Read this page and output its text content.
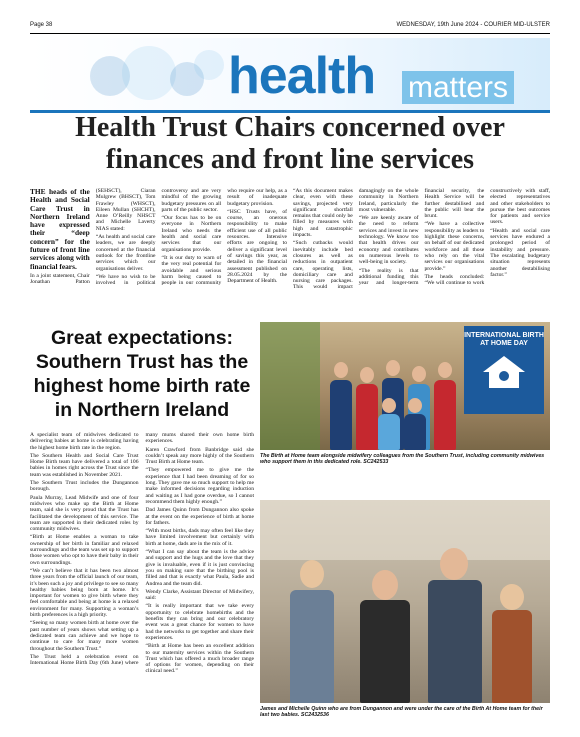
Page 38	WEDNESDAY, 19th June 2024 - COURIER MID-ULSTER
health matters
Health Trust Chairs concerned over finances and front line services

THE heads of the Health and Social Care Trust in Northern Ireland have expressed their “deep concern” for the future of front line services along with financial fears.

In a joint statement, Chair Jonathan Patton (SEHSCT), Ciaran Mulgrew (BHSCT), Tom Frawley (WHSCT), Eileen Mullan (SHCHT), Anne O’Reilly NHSCT and Michelle Laverty NIAS stated:

“As health and social care leaders, we are deeply concerned at the financial outlook for the frontline services which our organisations deliver.

“We have no wish to be involved in political controversy and are very mindful of the growing budgetary pressures on all parts of the public sector.

“Our focus has to be on everyone in Northern Ireland who needs the health and social care services that our organisations provide.

“It is our duty to warn of the very real potential for avoidable and serious harm being caused to people in our community who require our help, as a result of inadequate budgetary provision.

“HSC Trusts have, of course, an onerous responsibility to make efficient use of all public resources. Intensive efforts are ongoing to deliver a significant level of savings this year, as detailed in the financial assessment published on 28.05.2024 by the Department of Health.

“As this document makes clear, even with these savings, projected very significant shortfall remains that could only be filled by measures with high and catastrophic impacts.

“Such cutbacks would inevitably include bed closures as well as reductions in outpatient care, operating lists, domiciliary care and nursing care packages. This would impact damagingly on the whole community in Northern Ireland, particularly the most vulnerable.

“We are keenly aware of the need to reform services and invest in new technology. We know too that health drives our economy and contributes on numerous levels to well-being in society.

“The reality is that additional funding this year and longer-term financial security, the Health Service will be further destabilised and the public will bear the brunt.

“We have a collective responsibility as leaders to highlight these concerns, on behalf of our dedicated workforce and all those who rely on the vital services our organisations provide.”

The heads concluded: “We will continue to work constructively with staff, elected representatives and other stakeholders to pursue the best outcomes for patients and service users.

“Health and social care services have endured a prolonged period of instability and pressure. The escalating budgetary situation represents another destabilising factor.”

Great expectations: Southern Trust has the highest home birth rate in Northern Ireland

A specialist team of midwives dedicated to delivering babies at home is celebrating having the highest home birth rate in the region.

The Southern Health and Social Care Trust Home Birth team have delivered a total of 106 babies in homes right across the Trust since the team was established in November 2021.

The Southern Trust includes the Dungannon borough.

Paula Murray, Lead Midwife and one of four midwives who make up the Birth at Home team, said she is very proud that the Trust has facilitated the development of this service. The team are supported in their dedicated roles by community midwives.

“Birth at Home enables a woman to take ownership of her birth in familiar and relaxed surroundings and the team was set up to support those women who opt to have their baby in their own surroundings.

“We can’t believe that it has been two almost three years from the official launch of our team, it’s been such a joy and privilege to see so many healthy babies being born at home. It’s important for women to give birth where they feel comfortable and being at home is a relaxed environment for many. Supporting a woman’s birth preferences is a high priority.

“Seeing so many women birth at home over the past number of years shows what setting up a dedicated team can achieve and we hope to continue to care for many more women throughout the Southern Trust.”

The Trust held a celebration event on International Home Birth Day (6th June) where many mums shared their own home birth experiences.

Karen Crawford from Banbridge said she couldn’t speak any more highly of the Southern Trust Birth at Home team.

“They empowered me to give me the experience that I had been dreaming of for so long. They gave me so much support to help me make informed decisions regarding induction and waiting as I had gone overdue, so I cannot recommend them highly enough.”

Dad James Quinn from Dungannon also spoke at the event on the experience of birth at home for fathers.

“With most births, dads may often feel like they have limited involvement but certainly with birth at home, dads are in the mix of it.

“What I can say about the team is the advice and support and the hugs and the love that they give is invaluable, even if it is just convincing you on making sure that the birthing pool is filled and that is exactly what Paula, Sadie and Andrea and the team did.

Wendy Clarke, Assistant Director of Midwifery, said:

“It is really important that we take every opportunity to celebrate homebirths and the benefits they can bring and our celebratory event was a great chance for women to have had the networks to get together and share their experiences.

“Birth at Home has been an excellent addition to our maternity services within the Southern Trust which has offered a much broader range of options for women, depending on their clinical need.”

INTERNATIONAL BIRTH AT HOME DAY
The Birth at Home team alongside midwifery colleagues from the Southern Trust, including community midwives who support them in this dedicated role. SC242533
James and Michelle Quinn who are from Dungannon and were under the care of the Birth At Home team for their last two babies. SC2432536
